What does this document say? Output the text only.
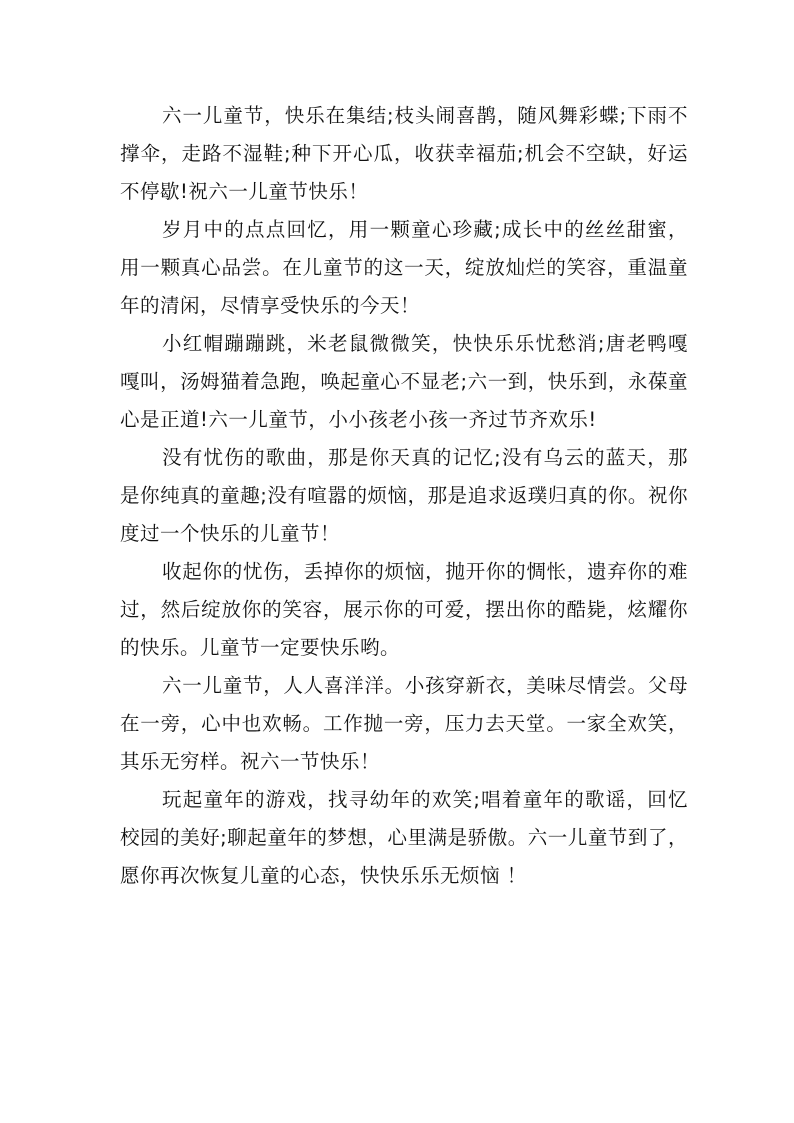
六一儿童节，快乐在集结;枝头闹喜鹊，随风舞彩蝶;下雨不撑伞，走路不湿鞋;种下开心瓜，收获幸福茄;机会不空缺，好运不停歇!祝六一儿童节快乐！

岁月中的点点回忆，用一颗童心珍藏;成长中的丝丝甜蜜，用一颗真心品尝。在儿童节的这一天，绽放灿烂的笑容，重温童年的清闲，尽情享受快乐的今天！

小红帽蹦蹦跳，米老鼠微微笑，快快乐乐忧愁消;唐老鸭嘎嘎叫，汤姆猫着急跑，唤起童心不显老;六一到，快乐到，永葆童心是正道!六一儿童节，小小孩老小孩一齐过节齐欢乐!

没有忧伤的歌曲，那是你天真的记忆;没有乌云的蓝天，那是你纯真的童趣;没有喧嚣的烦恼，那是追求返璞归真的你。祝你度过一个快乐的儿童节！

收起你的忧伤，丢掉你的烦恼，抛开你的惆怅，遗弃你的难过，然后绽放你的笑容，展示你的可爱，摆出你的酷毙，炫耀你的快乐。儿童节一定要快乐哟。

六一儿童节，人人喜洋洋。小孩穿新衣，美味尽情尝。父母在一旁，心中也欢畅。工作抛一旁，压力去天堂。一家全欢笑，其乐无穷样。祝六一节快乐！

玩起童年的游戏，找寻幼年的欢笑;唱着童年的歌谣，回忆校园的美好;聊起童年的梦想，心里满是骄傲。六一儿童节到了，愿你再次恢复儿童的心态，快快乐乐无烦恼 ！
